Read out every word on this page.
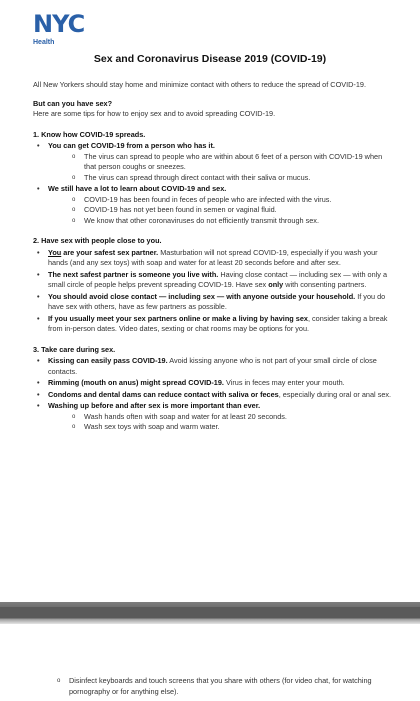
NYC
Health
Sex and Coronavirus Disease 2019 (COVID-19)

All New Yorkers should stay home and minimize contact with others to reduce the spread of COVID-19.

But can you have sex?
Here are some tips for how to enjoy sex and to avoid spreading COVID-19.
1. Know how COVID-19 spreads.
• You can get COVID-19 from a person who has it.
o The virus can spread to people who are within about 6 feet of a person with COVID-19 when that person coughs or sneezes.
o The virus can spread through direct contact with their saliva or mucus.
• We still have a lot to learn about COVID-19 and sex.
o COVID-19 has been found in feces of people who are infected with the virus.
o COVID-19 has not yet been found in semen or vaginal fluid.
o We know that other coronaviruses do not efficiently transmit through sex.
2. Have sex with people close to you.
• You are your safest sex partner. Masturbation will not spread COVID-19, especially if you wash your hands (and any sex toys) with soap and water for at least 20 seconds before and after sex.
• The next safest partner is someone you live with. Having close contact — including sex — with only a small circle of people helps prevent spreading COVID-19. Have sex only with consenting partners.
• You should avoid close contact — including sex — with anyone outside your household. If you do have sex with others, have as few partners as possible.
• If you usually meet your sex partners online or make a living by having sex, consider taking a break from in-person dates. Video dates, sexting or chat rooms may be options for you.
3. Take care during sex.
• Kissing can easily pass COVID-19. Avoid kissing anyone who is not part of your small circle of close contacts.
• Rimming (mouth on anus) might spread COVID-19. Virus in feces may enter your mouth.
• Condoms and dental dams can reduce contact with saliva or feces, especially during oral or anal sex.
• Washing up before and after sex is more important than ever.
o Wash hands often with soap and water for at least 20 seconds.
o Wash sex toys with soap and warm water.
o Disinfect keyboards and touch screens that you share with others (for video chat, for watching pornography or for anything else).
